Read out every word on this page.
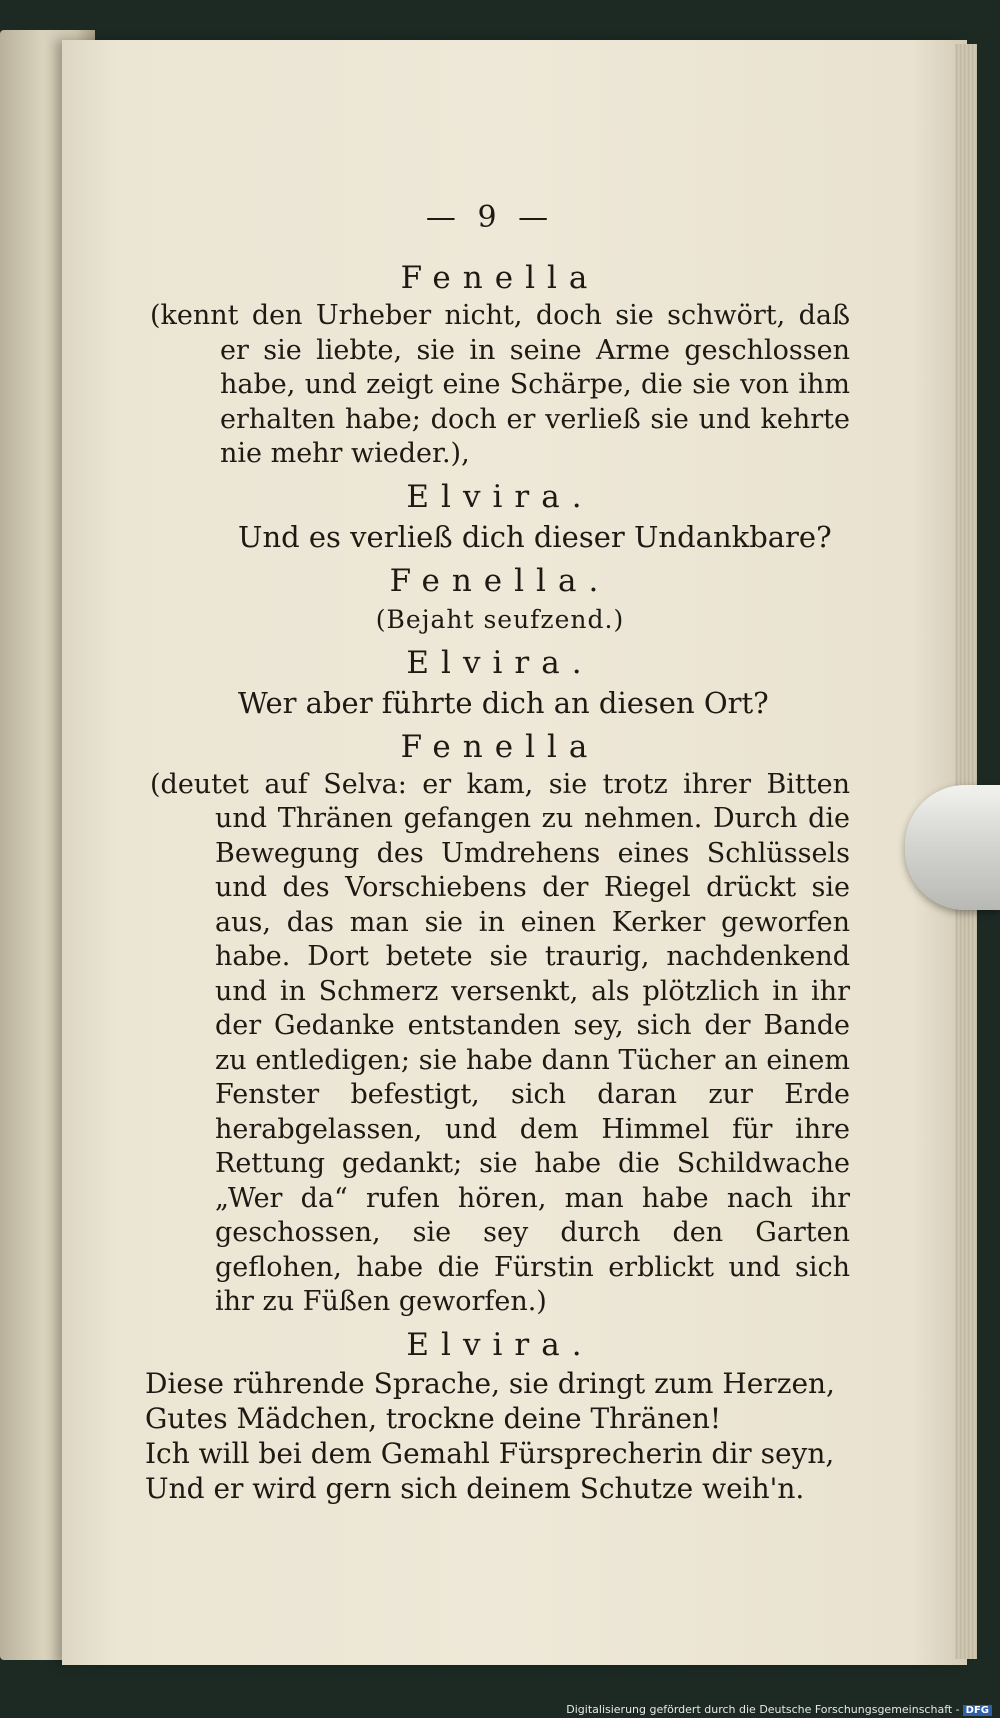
— 9 —
Fenella
(kennt den Urheber nicht, doch sie schwört, daß er sie liebte, sie in seine Arme geschlossen habe, und zeigt eine Schärpe, die sie von ihm erhalten habe; doch er verließ sie und kehrte nie mehr wieder.),
Elvira.
Und es verließ dich dieser Undankbare?
Fenella.
(Bejaht seufzend.)
Elvira.
Wer aber führte dich an diesen Ort?
Fenella
(deutet auf Selva: er kam, sie trotz ihrer Bitten und Thränen gefangen zu nehmen. Durch die Bewegung des Umdrehens eines Schlüssels und des Vorschiebens der Riegel drückt sie aus, das man sie in einen Kerker geworfen habe. Dort betete sie traurig, nachdenkend und in Schmerz versenkt, als plötzlich in ihr der Gedanke entstanden sey, sich der Bande zu entledigen; sie habe dann Tücher an einem Fenster befestigt, sich daran zur Erde herabgelassen, und dem Himmel für ihre Rettung gedankt; sie habe die Schildwache „Wer da“ rufen hören, man habe nach ihr geschossen, sie sey durch den Garten geflohen, habe die Fürstin erblickt und sich ihr zu Füßen geworfen.)
Elvira.
Diese rührende Sprache, sie dringt zum Herzen,
Gutes Mädchen, trockne deine Thränen!
Ich will bei dem Gemahl Fürsprecherin dir seyn,
Und er wird gern sich deinem Schutze weih'n.
Digitalisierung gefördert durch die Deutsche Forschungsgemeinschaft - DFG
